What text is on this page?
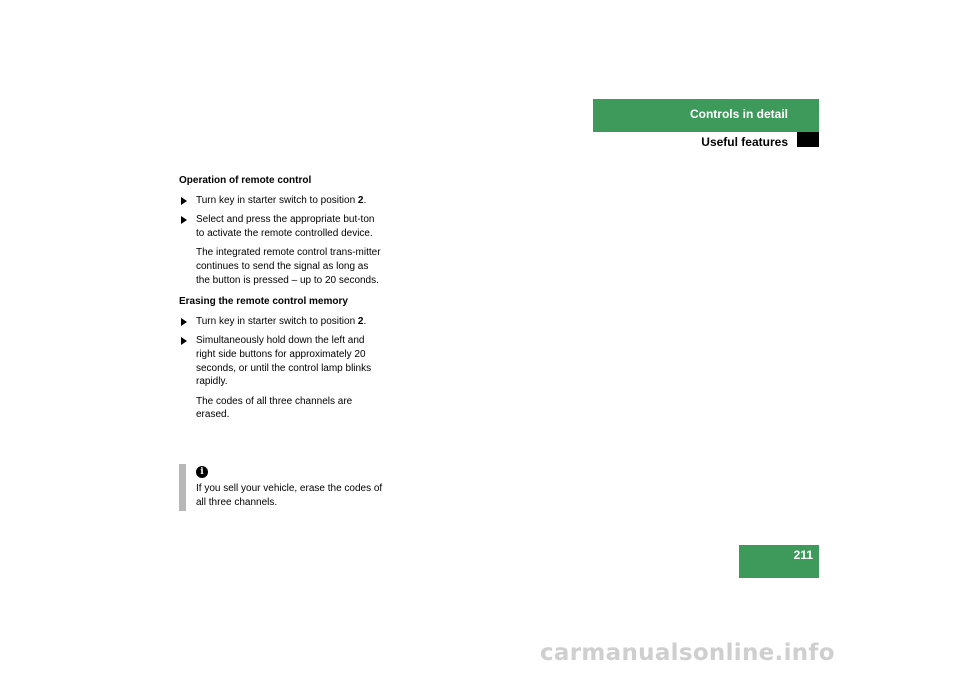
Controls in detail
Useful features
Operation of remote control
Turn key in starter switch to position 2.
Select and press the appropriate but-ton to activate the remote controlled device.
The integrated remote control trans-mitter continues to send the signal as long as the button is pressed – up to 20 seconds.
Erasing the remote control memory
Turn key in starter switch to position 2.
Simultaneously hold down the left and right side buttons for approximately 20 seconds, or until the control lamp blinks rapidly.
The codes of all three channels are erased.
i
If you sell your vehicle, erase the codes of all three channels.
211
carmanualsonline.info
